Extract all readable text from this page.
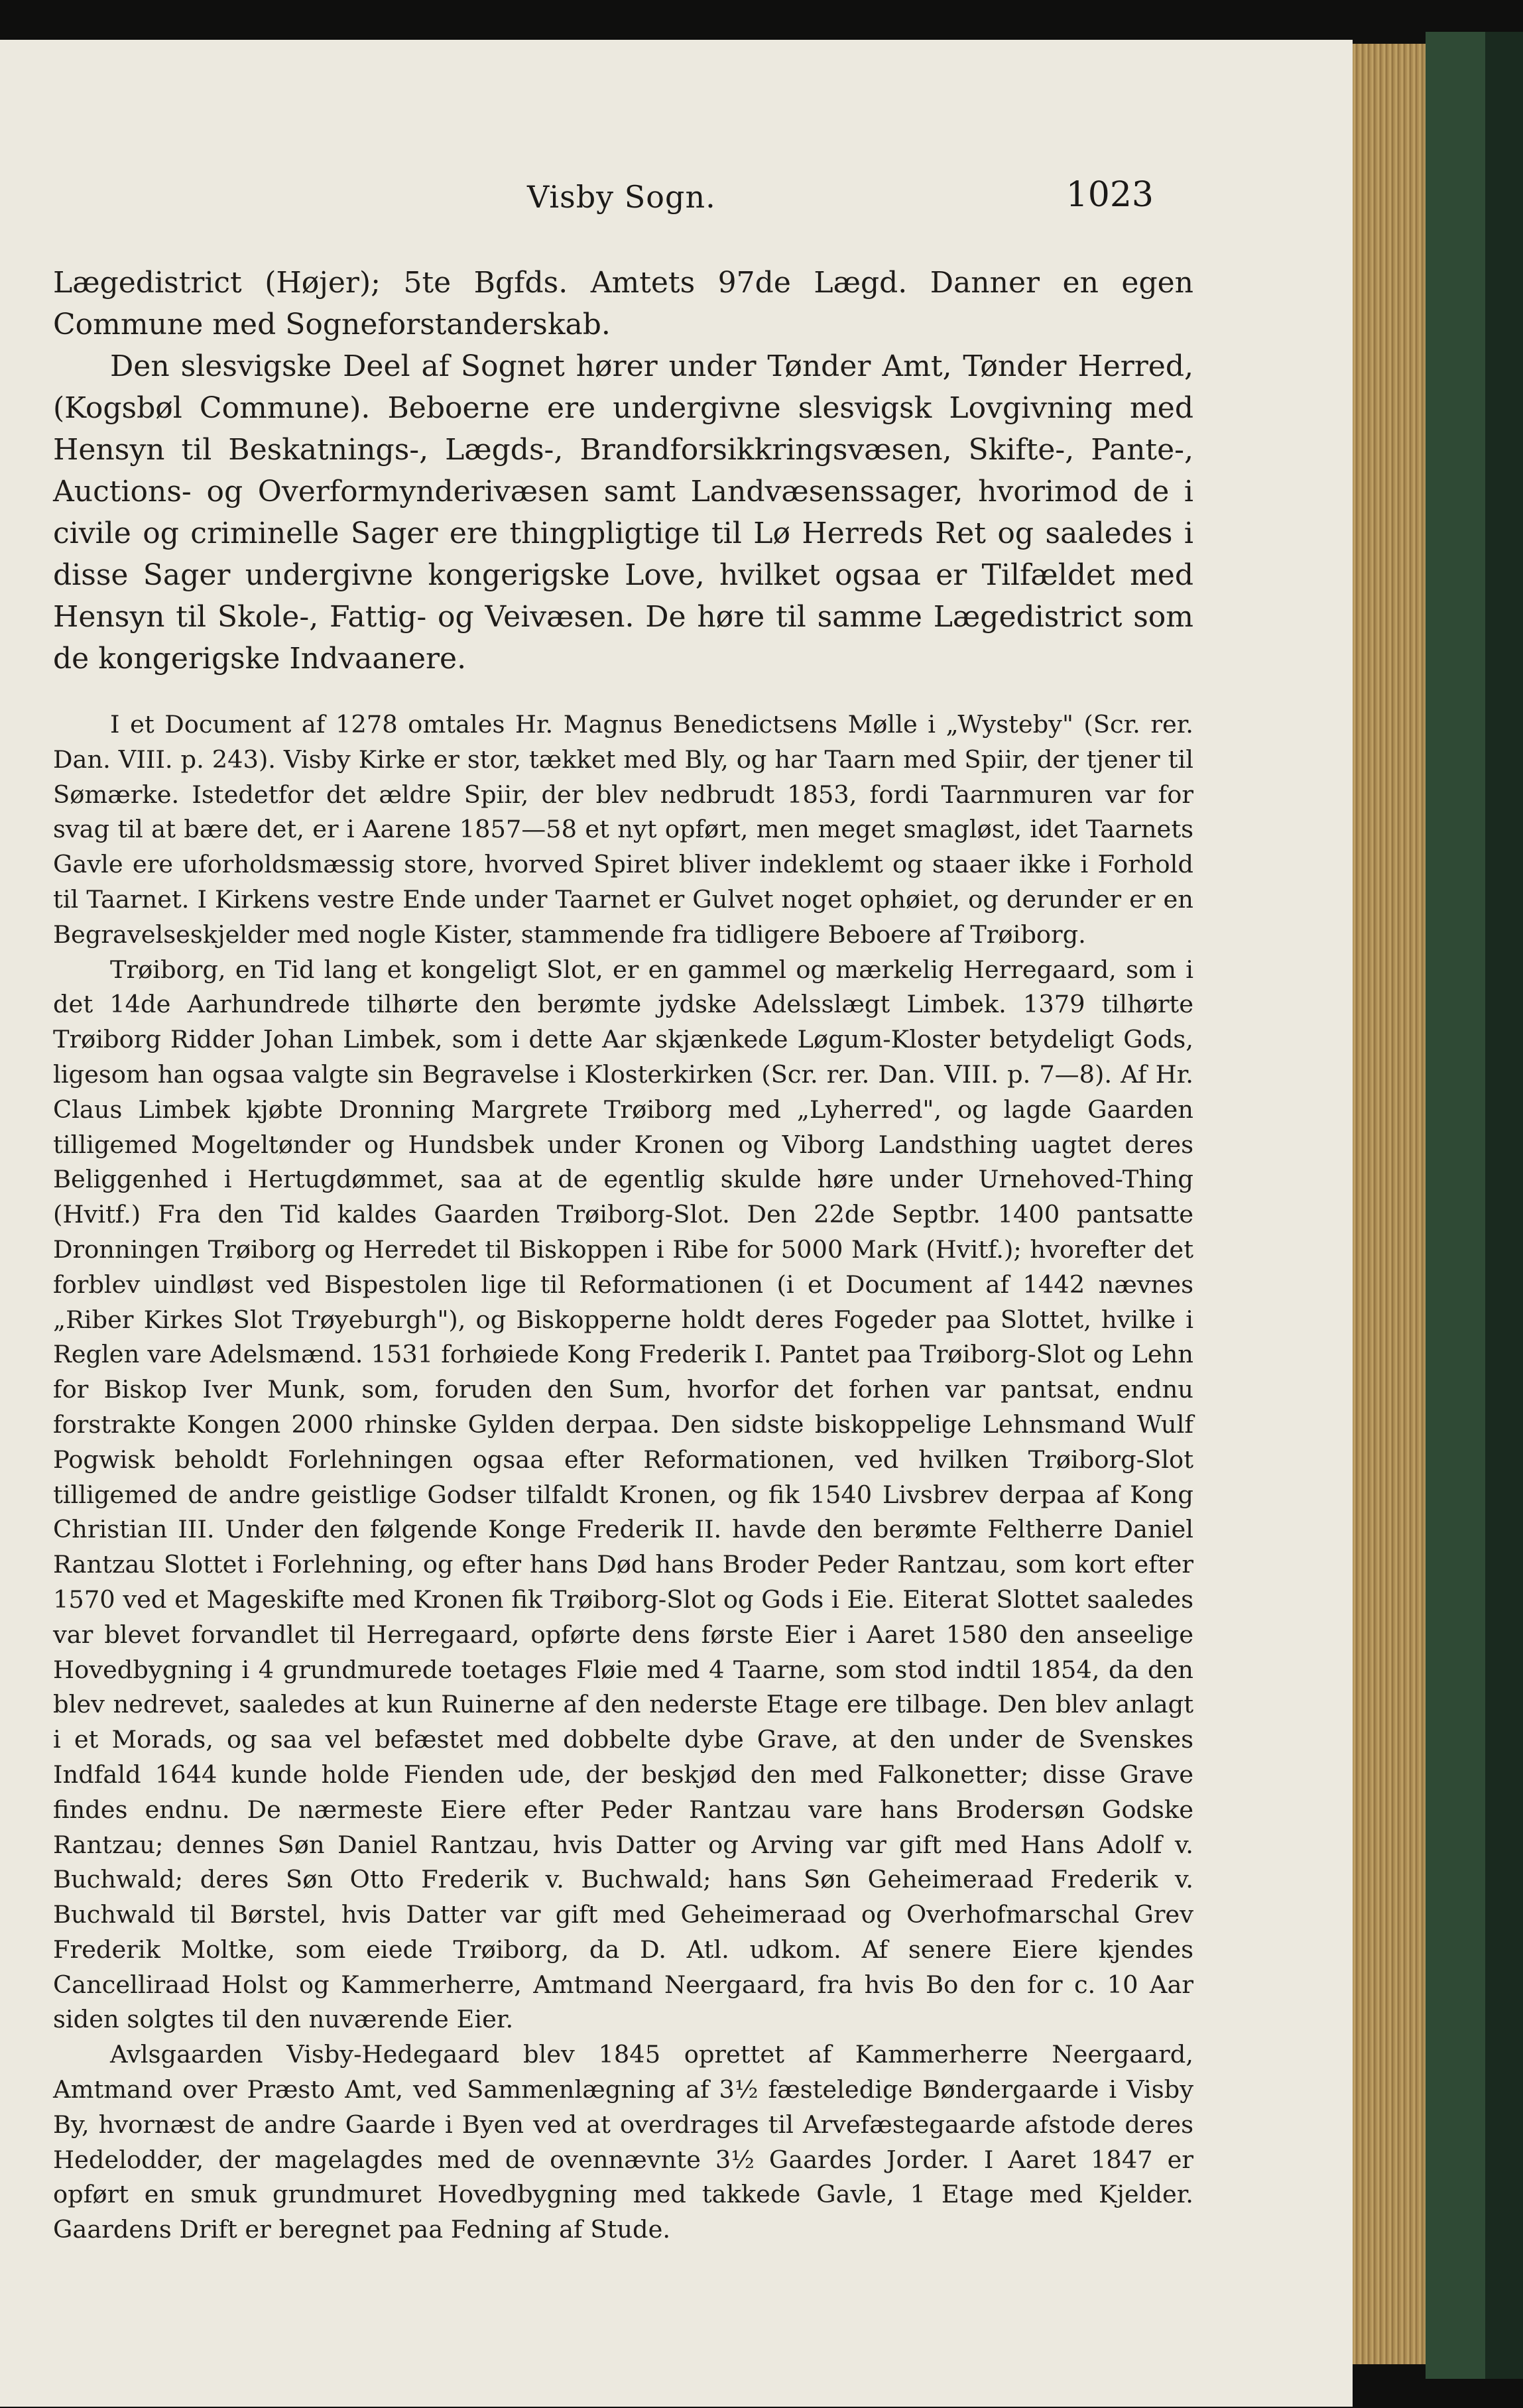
Visby Sogn.	1023

Lægedistrict (Højer); 5te Bgfds. Amtets 97de Lægd. Danner en egen Commune med Sogneforstanderskab.

Den slesvigske Deel af Sognet hører under Tønder Amt, Tønder Herred, (Kogsbøl Commune). Beboerne ere undergivne slesvigsk Lovgivning med Hensyn til Beskatnings-, Lægds-, Brandforsikkringsvæsen, Skifte-, Pante-, Auctions- og Overformynderivæsen samt Landvæsenssager, hvorimod de i civile og criminelle Sager ere thingpligtige til Lø Herreds Ret og saaledes i disse Sager undergivne kongerigske Love, hvilket ogsaa er Tilfældet med Hensyn til Skole-, Fattig- og Veivæsen. De høre til samme Lægedistrict som de kongerigske Indvaanere.

I et Document af 1278 omtales Hr. Magnus Benedictsens Mølle i „Wysteby" (Scr. rer. Dan. VIII. p. 243). Visby Kirke er stor, tækket med Bly, og har Taarn med Spiir, der tjener til Sømærke. Istedetfor det ældre Spiir, der blev nedbrudt 1853, fordi Taarnmuren var for svag til at bære det, er i Aarene 1857—58 et nyt opført, men meget smagløst, idet Taarnets Gavle ere uforholdsmæssig store, hvorved Spiret bliver indeklemt og staaer ikke i Forhold til Taarnet. I Kirkens vestre Ende under Taarnet er Gulvet noget ophøiet, og derunder er en Begravelseskjelder med nogle Kister, stammende fra tidligere Beboere af Trøiborg.

Trøiborg, en Tid lang et kongeligt Slot, er en gammel og mærkelig Herregaard, som i det 14de Aarhundrede tilhørte den berømte jydske Adelsslægt Limbek. 1379 tilhørte Trøiborg Ridder Johan Limbek, som i dette Aar skjænkede Løgum-Kloster betydeligt Gods, ligesom han ogsaa valgte sin Begravelse i Klosterkirken (Scr. rer. Dan. VIII. p. 7—8). Af Hr. Claus Limbek kjøbte Dronning Margrete Trøiborg med „Lyherred", og lagde Gaarden tilligemed Mogeltønder og Hundsbek under Kronen og Viborg Landsthing uagtet deres Beliggenhed i Hertugdømmet, saa at de egentlig skulde høre under Urnehoved-Thing (Hvitf.) Fra den Tid kaldes Gaarden Trøiborg-Slot. Den 22de Septbr. 1400 pantsatte Dronningen Trøiborg og Herredet til Biskoppen i Ribe for 5000 Mark (Hvitf.); hvorefter det forblev uindløst ved Bispestolen lige til Reformationen (i et Document af 1442 nævnes „Riber Kirkes Slot Trøyeburgh"), og Biskopperne holdt deres Fogeder paa Slottet, hvilke i Reglen vare Adelsmænd. 1531 forhøiede Kong Frederik I. Pantet paa Trøiborg-Slot og Lehn for Biskop Iver Munk, som, foruden den Sum, hvorfor det forhen var pantsat, endnu forstrakte Kongen 2000 rhinske Gylden derpaa. Den sidste biskoppelige Lehnsmand Wulf Pogwisk beholdt Forlehningen ogsaa efter Reformationen, ved hvilken Trøiborg-Slot tilligemed de andre geistlige Godser tilfaldt Kronen, og fik 1540 Livsbrev derpaa af Kong Christian III. Under den følgende Konge Frederik II. havde den berømte Feltherre Daniel Rantzau Slottet i Forlehning, og efter hans Død hans Broder Peder Rantzau, som kort efter 1570 ved et Mageskifte med Kronen fik Trøiborg-Slot og Gods i Eie. Eiterat Slottet saaledes var blevet forvandlet til Herregaard, opførte dens første Eier i Aaret 1580 den anseelige Hovedbygning i 4 grundmurede toetages Fløie med 4 Taarne, som stod indtil 1854, da den blev nedrevet, saaledes at kun Ruinerne af den nederste Etage ere tilbage. Den blev anlagt i et Morads, og saa vel befæstet med dobbelte dybe Grave, at den under de Svenskes Indfald 1644 kunde holde Fienden ude, der beskjød den med Falkonetter; disse Grave findes endnu. De nærmeste Eiere efter Peder Rantzau vare hans Brodersøn Godske Rantzau; dennes Søn Daniel Rantzau, hvis Datter og Arving var gift med Hans Adolf v. Buchwald; deres Søn Otto Frederik v. Buchwald; hans Søn Geheimeraad Frederik v. Buchwald til Børstel, hvis Datter var gift med Geheimeraad og Overhofmarschal Grev Frederik Moltke, som eiede Trøiborg, da D. Atl. udkom. Af senere Eiere kjendes Cancelliraad Holst og Kammerherre, Amtmand Neergaard, fra hvis Bo den for c. 10 Aar siden solgtes til den nuværende Eier.

Avlsgaarden Visby-Hedegaard blev 1845 oprettet af Kammerherre Neergaard, Amtmand over Præsto Amt, ved Sammenlægning af 3½ fæsteledige Bøndergaarde i Visby By, hvornæst de andre Gaarde i Byen ved at overdrages til Arvefæstegaarde afstode deres Hedelodder, der magelagdes med de ovennævnte 3½ Gaardes Jorder. I Aaret 1847 er opført en smuk grundmuret Hovedbygning med takkede Gavle, 1 Etage med Kjelder. Gaardens Drift er beregnet paa Fedning af Stude.
